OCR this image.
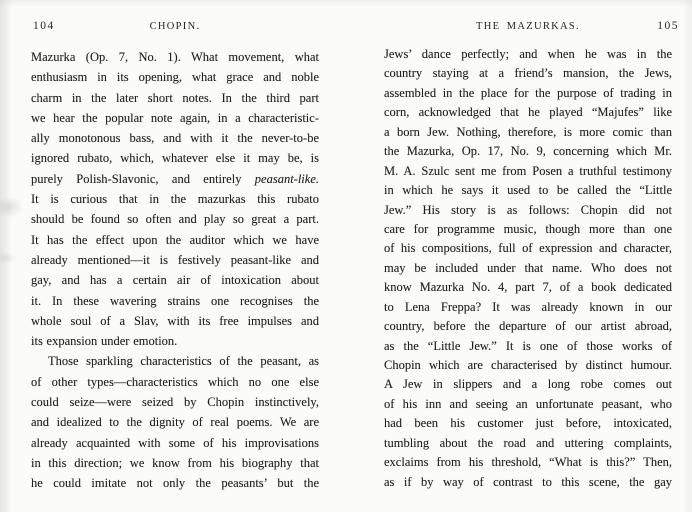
104	CHOPIN.
Mazurka (Op. 7, No. 1). What movement, what
enthusiasm in its opening, what grace and noble
charm in the later short notes. In the third part
we hear the popular note again, in a characteristic-
ally monotonous bass, and with it the never-to-be
ignored rubato, which, whatever else it may be, is
purely Polish-Slavonic, and entirely peasant-like.
It is curious that in the mazurkas this rubato
should be found so often and play so great a part.
It has the effect upon the auditor which we have
already mentioned—it is festively peasant-like and
gay, and has a certain air of intoxication about
it. In these wavering strains one recognises the
whole soul of a Slav, with its free impulses and
its expansion under emotion.
Those sparkling characteristics of the peasant, as
of other types—characteristics which no one else
could seize—were seized by Chopin instinctively,
and idealized to the dignity of real poems. We are
already acquainted with some of his improvisations
in this direction; we know from his biography that
he could imitate not only the peasants’ but the
THE MAZURKAS.	105
Jews’ dance perfectly; and when he was in the
country staying at a friend’s mansion, the Jews,
assembled in the place for the purpose of trading in
corn, acknowledged that he played “Majufes” like
a born Jew. Nothing, therefore, is more comic than
the Mazurka, Op. 17, No. 9, concerning which Mr.
M. A. Szulc sent me from Posen a truthful testimony
in which he says it used to be called the “Little
Jew.” His story is as follows: Chopin did not
care for programme music, though more than one
of his compositions, full of expression and character,
may be included under that name. Who does not
know Mazurka No. 4, part 7, of a book dedicated
to Lena Freppa? It was already known in our
country, before the departure of our artist abroad,
as the “Little Jew.” It is one of those works of
Chopin which are characterised by distinct humour.
A Jew in slippers and a long robe comes out
of his inn and seeing an unfortunate peasant, who
had been his customer just before, intoxicated,
tumbling about the road and uttering complaints,
exclaims from his threshold, “What is this?” Then,
as if by way of contrast to this scene, the gay
